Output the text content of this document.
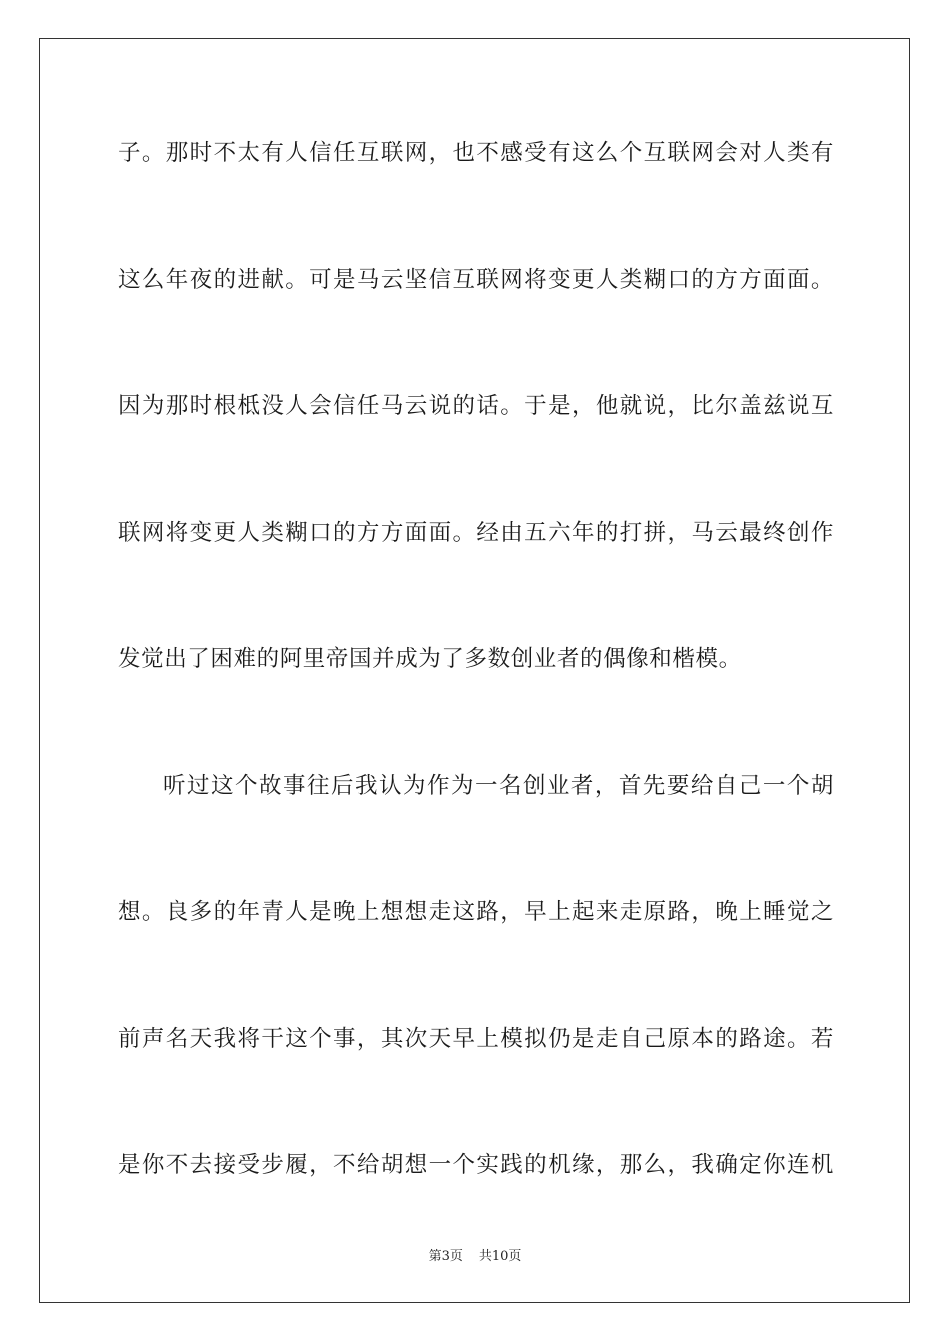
子。那时不太有人信任互联网，也不感受有这么个互联网会对人类有
这么年夜的进献。可是马云坚信互联网将变更人类糊口的方方面面。
因为那时根柢没人会信任马云说的话。于是，他就说，比尔盖兹说互
联网将变更人类糊口的方方面面。经由五六年的打拼，马云最终创作
发觉出了困难的阿里帝国并成为了多数创业者的偶像和楷模。
听过这个故事往后我认为作为一名创业者，首先要给自己一个胡
想。良多的年青人是晚上想想走这路，早上起来走原路，晚上睡觉之
前声名天我将干这个事，其次天早上模拟仍是走自己原本的路途。若
是你不去接受步履，不给胡想一个实践的机缘，那么，我确定你连机
第3页 共10页
